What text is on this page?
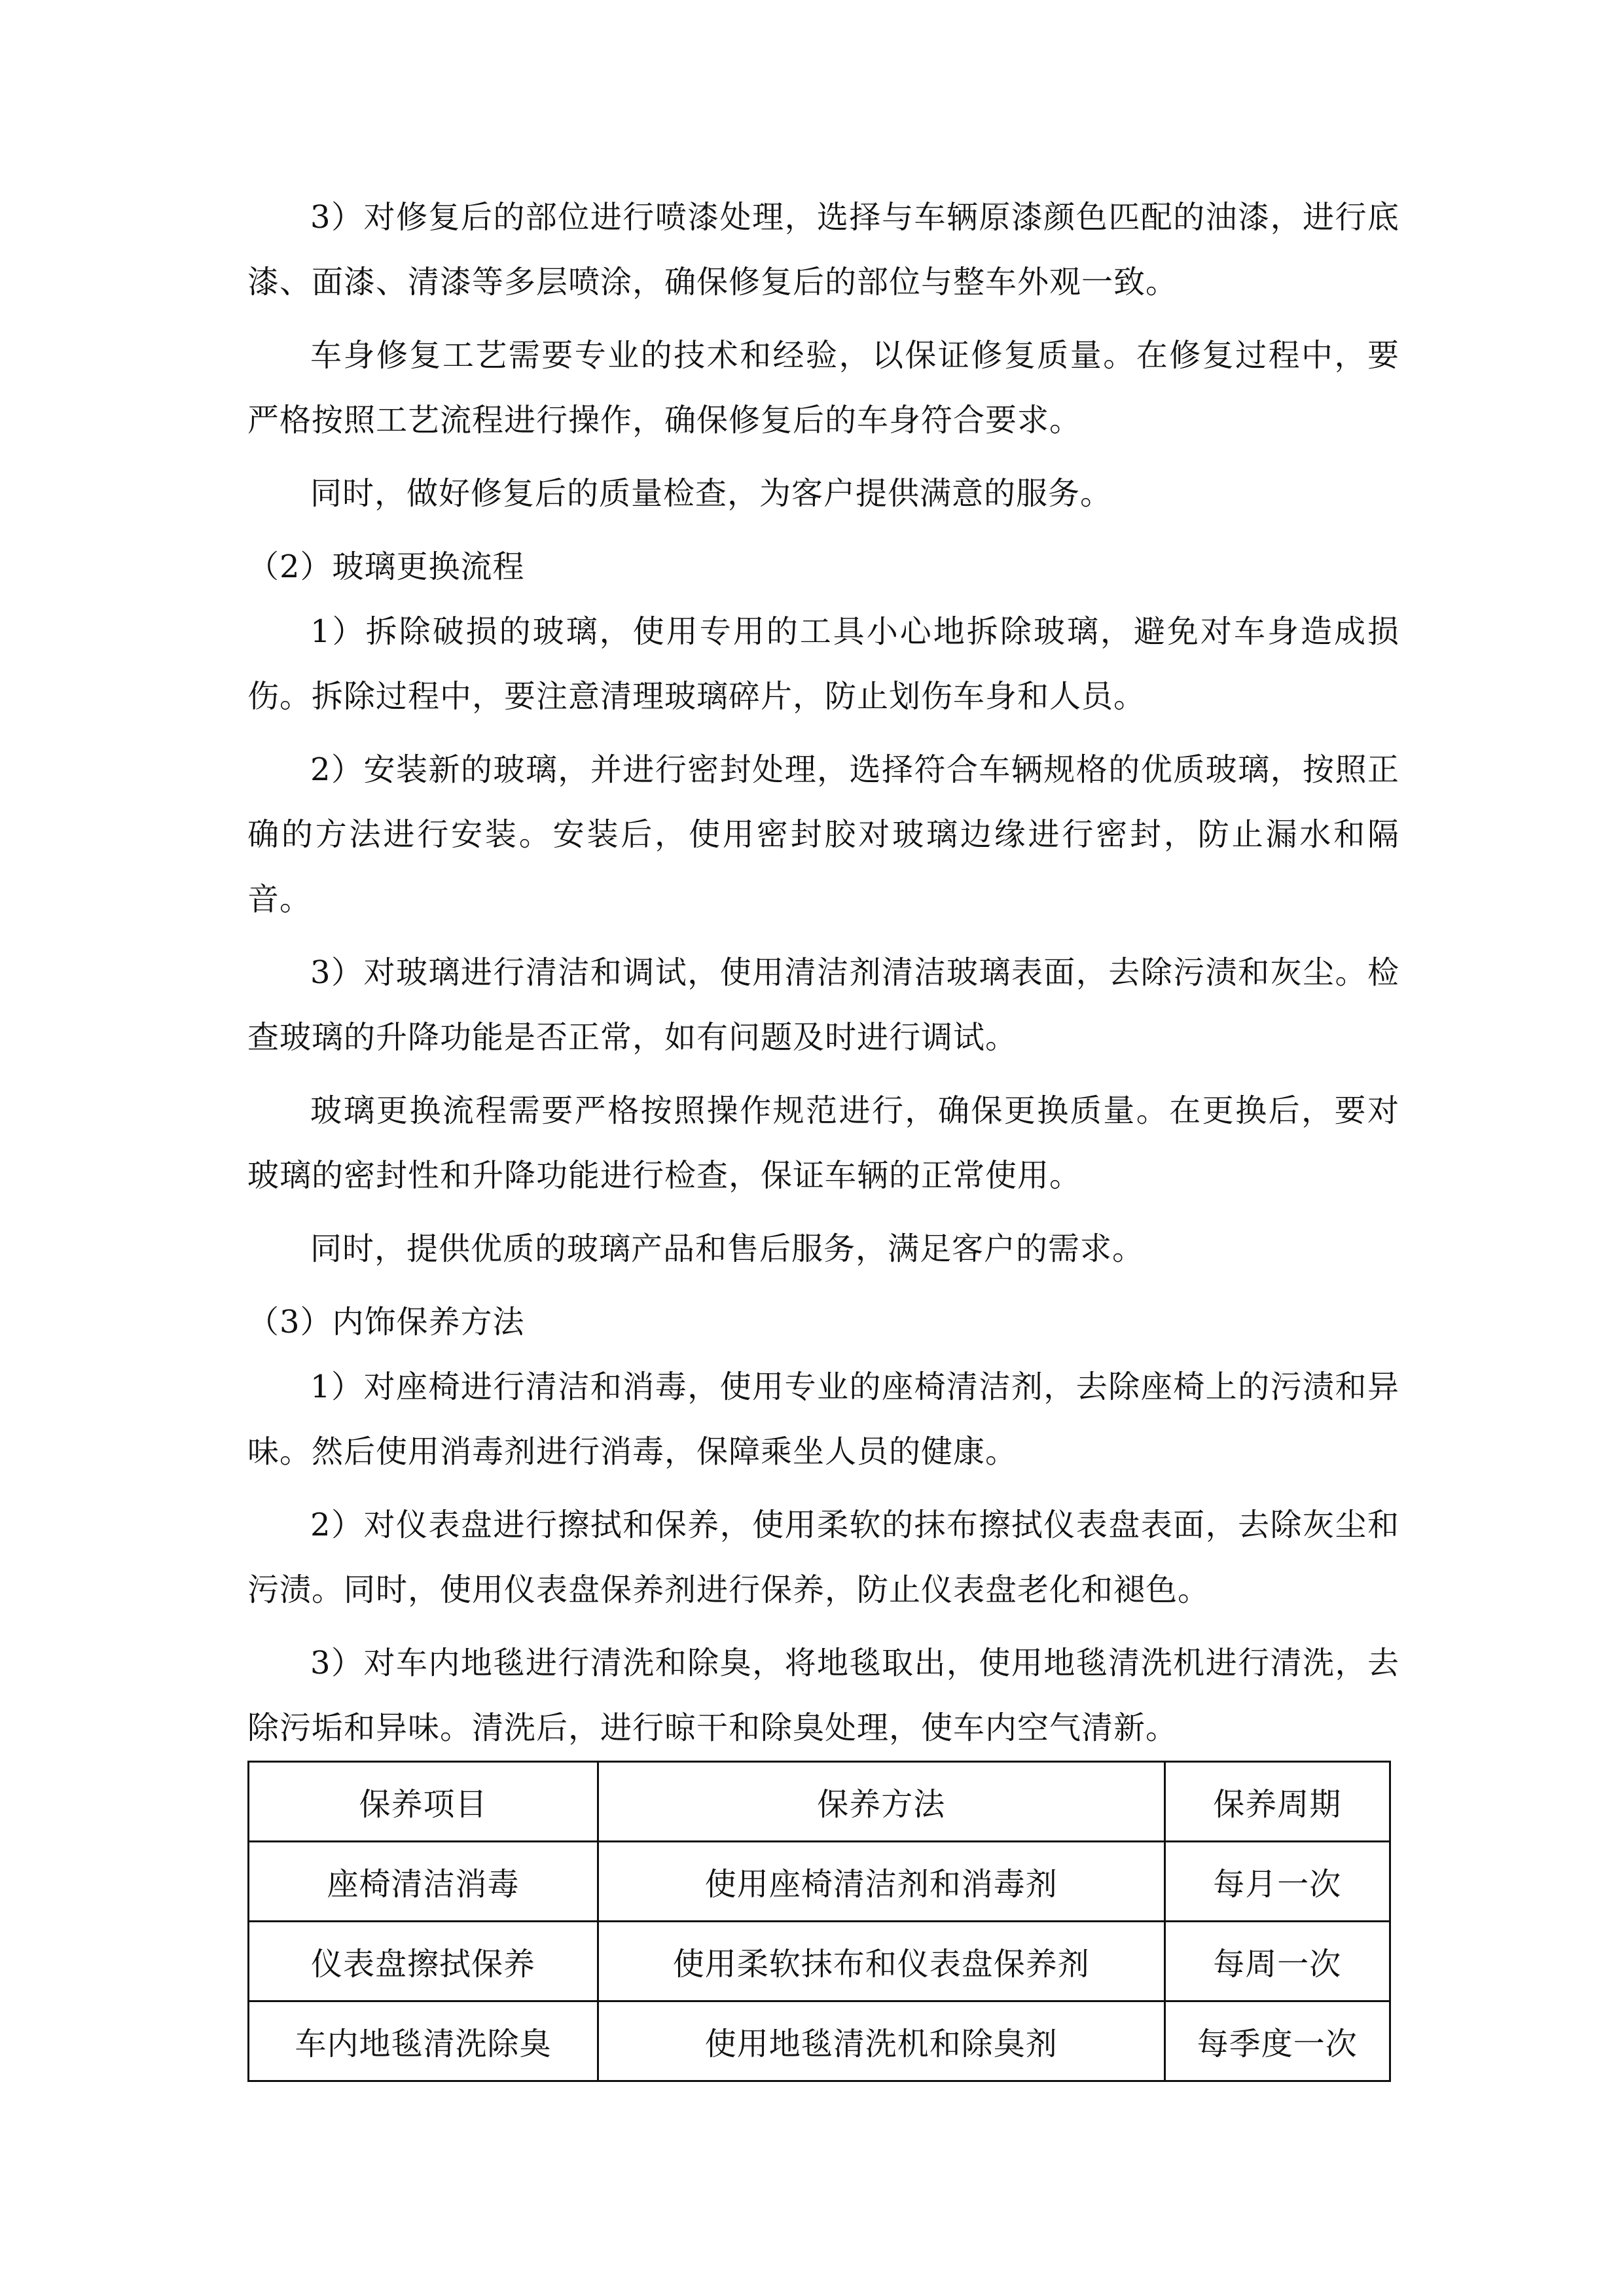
3）对修复后的部位进行喷漆处理，选择与车辆原漆颜色匹配的油漆，进行底漆、面漆、清漆等多层喷涂，确保修复后的部位与整车外观一致。

车身修复工艺需要专业的技术和经验，以保证修复质量。在修复过程中，要严格按照工艺流程进行操作，确保修复后的车身符合要求。

同时，做好修复后的质量检查，为客户提供满意的服务。

（2）玻璃更换流程

1）拆除破损的玻璃，使用专用的工具小心地拆除玻璃，避免对车身造成损伤。拆除过程中，要注意清理玻璃碎片，防止划伤车身和人员。

2）安装新的玻璃，并进行密封处理，选择符合车辆规格的优质玻璃，按照正确的方法进行安装。安装后，使用密封胶对玻璃边缘进行密封，防止漏水和隔音。

3）对玻璃进行清洁和调试，使用清洁剂清洁玻璃表面，去除污渍和灰尘。检查玻璃的升降功能是否正常，如有问题及时进行调试。

玻璃更换流程需要严格按照操作规范进行，确保更换质量。在更换后，要对玻璃的密封性和升降功能进行检查，保证车辆的正常使用。

同时，提供优质的玻璃产品和售后服务，满足客户的需求。

（3）内饰保养方法

1）对座椅进行清洁和消毒，使用专业的座椅清洁剂，去除座椅上的污渍和异味。然后使用消毒剂进行消毒，保障乘坐人员的健康。

2）对仪表盘进行擦拭和保养，使用柔软的抹布擦拭仪表盘表面，去除灰尘和污渍。同时，使用仪表盘保养剂进行保养，防止仪表盘老化和褪色。

3）对车内地毯进行清洗和除臭，将地毯取出，使用地毯清洗机进行清洗，去除污垢和异味。清洗后，进行晾干和除臭处理，使车内空气清新。

保养项目	保养方法	保养周期
座椅清洁消毒	使用座椅清洁剂和消毒剂	每月一次
仪表盘擦拭保养	使用柔软抹布和仪表盘保养剂	每周一次
车内地毯清洗除臭	使用地毯清洗机和除臭剂	每季度一次
